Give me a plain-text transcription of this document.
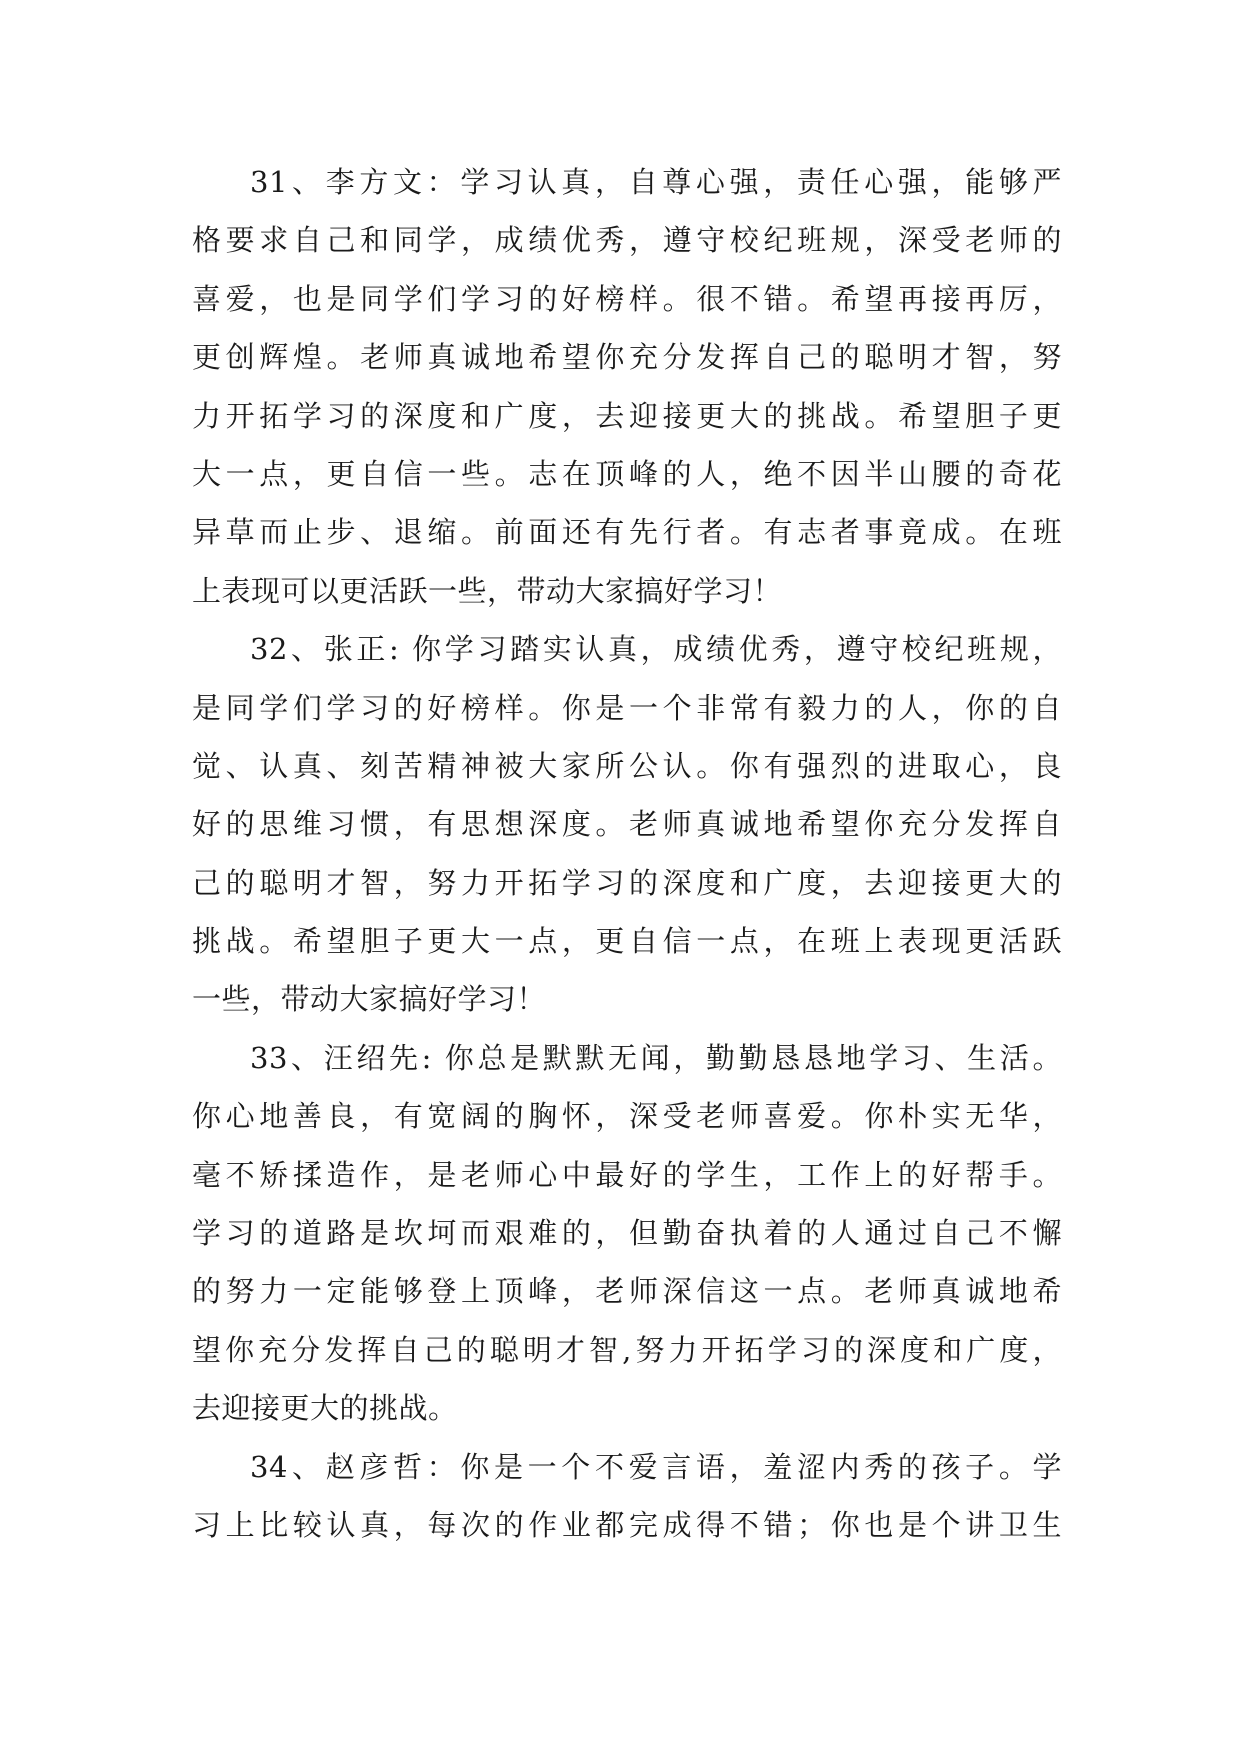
31、李方文：学习认真，自尊心强，责任心强，能够严
格要求自己和同学，成绩优秀，遵守校纪班规，深受老师的
喜爱，也是同学们学习的好榜样。很不错。希望再接再厉，
更创辉煌。老师真诚地希望你充分发挥自己的聪明才智，努
力开拓学习的深度和广度，去迎接更大的挑战。希望胆子更
大一点，更自信一些。志在顶峰的人，绝不因半山腰的奇花
异草而止步、退缩。前面还有先行者。有志者事竟成。在班
上表现可以更活跃一些，带动大家搞好学习！
32、张正: 你学习踏实认真，成绩优秀，遵守校纪班规，
是同学们学习的好榜样。你是一个非常有毅力的人，你的自
觉、认真、刻苦精神被大家所公认。你有强烈的进取心，良
好的思维习惯，有思想深度。老师真诚地希望你充分发挥自
己的聪明才智，努力开拓学习的深度和广度，去迎接更大的
挑战。希望胆子更大一点，更自信一点，在班上表现更活跃
一些，带动大家搞好学习！
33、汪绍先: 你总是默默无闻，勤勤恳恳地学习、生活。
你心地善良，有宽阔的胸怀，深受老师喜爱。你朴实无华，
毫不矫揉造作，是老师心中最好的学生，工作上的好帮手。
学习的道路是坎坷而艰难的，但勤奋执着的人通过自己不懈
的努力一定能够登上顶峰，老师深信这一点。老师真诚地希
望你充分发挥自己的聪明才智,努力开拓学习的深度和广度，
去迎接更大的挑战。
34、赵彦哲：你是一个不爱言语，羞涩内秀的孩子。学
习上比较认真，每次的作业都完成得不错；你也是个讲卫生
